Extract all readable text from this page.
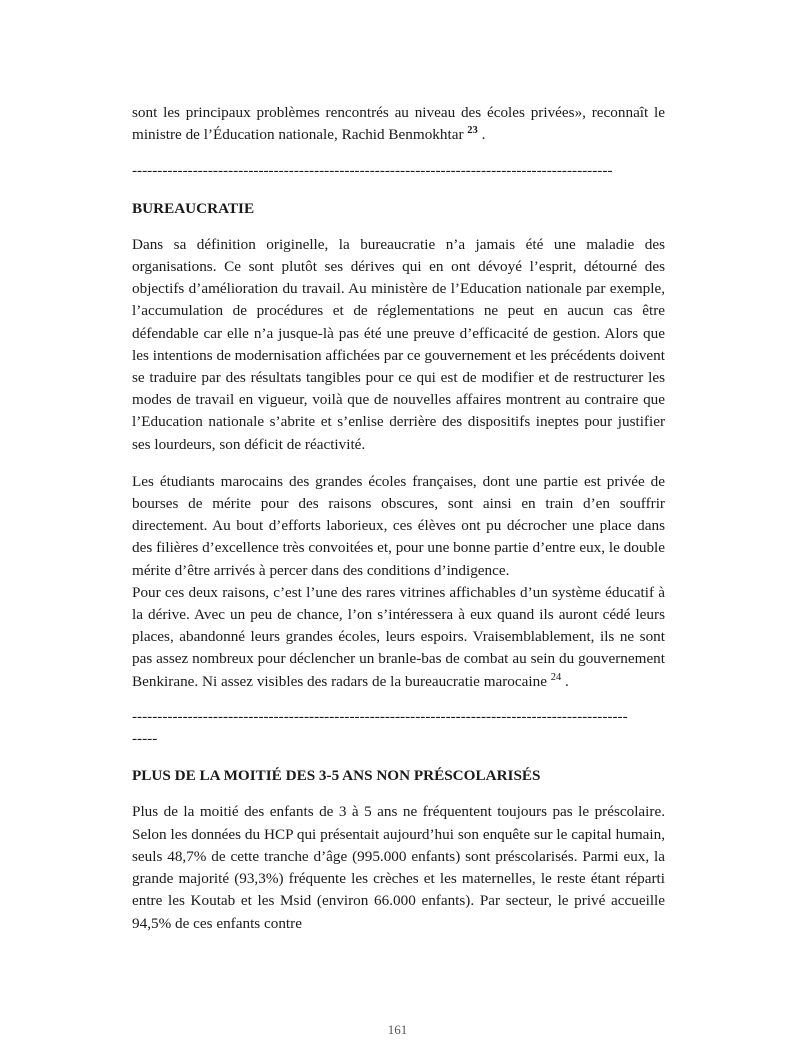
sont les principaux problèmes rencontrés au niveau des écoles privées», reconnaît le ministre de l’Éducation nationale, Rachid Benmokhtar $^{23}$ .

-----------------------------------------------------------------------------------------------

BUREAUCRATIE

Dans sa définition originelle, la bureaucratie n’a jamais été une maladie des organisations. Ce sont plutôt ses dérives qui en ont dévoyé l’esprit, détourné des objectifs d’amélioration du travail. Au ministère de l’Education nationale par exemple, l’accumulation de procédures et de réglementations ne peut en aucun cas être défendable car elle n’a jusque-là pas été une preuve d’efficacité de gestion. Alors que les intentions de modernisation affichées par ce gouvernement et les précédents doivent se traduire par des résultats tangibles pour ce qui est de modifier et de restructurer les modes de travail en vigueur, voilà que de nouvelles affaires montrent au contraire que l’Education nationale s’abrite et s’enlise derrière des dispositifs ineptes pour justifier ses lourdeurs, son déficit de réactivité.

Les étudiants marocains des grandes écoles françaises, dont une partie est privée de bourses de mérite pour des raisons obscures, sont ainsi en train d’en souffrir directement. Au bout d’efforts laborieux, ces élèves ont pu décrocher une place dans des filières d’excellence très convoitées et, pour une bonne partie d’entre eux, le double mérite d’être arrivés à percer dans des conditions d’indigence.

Pour ces deux raisons, c’est l’une des rares vitrines affichables d’un système éducatif à la dérive. Avec un peu de chance, l’on s’intéressera à eux quand ils auront cédé leurs places, abandonné leurs grandes écoles, leurs espoirs. Vraisemblablement, ils ne sont pas assez nombreux pour déclencher un branle-bas de combat au sein du gouvernement Benkirane. Ni assez visibles des radars de la bureaucratie marocaine $^{24}$ .

--------------------------------------------------------------------------------------------------

-----

PLUS DE LA MOITIÉ DES 3-5 ANS NON PRÉSCOLARISÉS

Plus de la moitié des enfants de 3 à 5 ans ne fréquentent toujours pas le préscolaire. Selon les données du HCP qui présentait aujourd’hui son enquête sur le capital humain, seuls 48,7% de cette tranche d’âge (995.000 enfants) sont préscolarisés. Parmi eux, la grande majorité (93,3%) fréquente les crèches et les maternelles, le reste étant réparti entre les Koutab et les Msid (environ 66.000 enfants). Par secteur, le privé accueille 94,5% de ces enfants contre

161
